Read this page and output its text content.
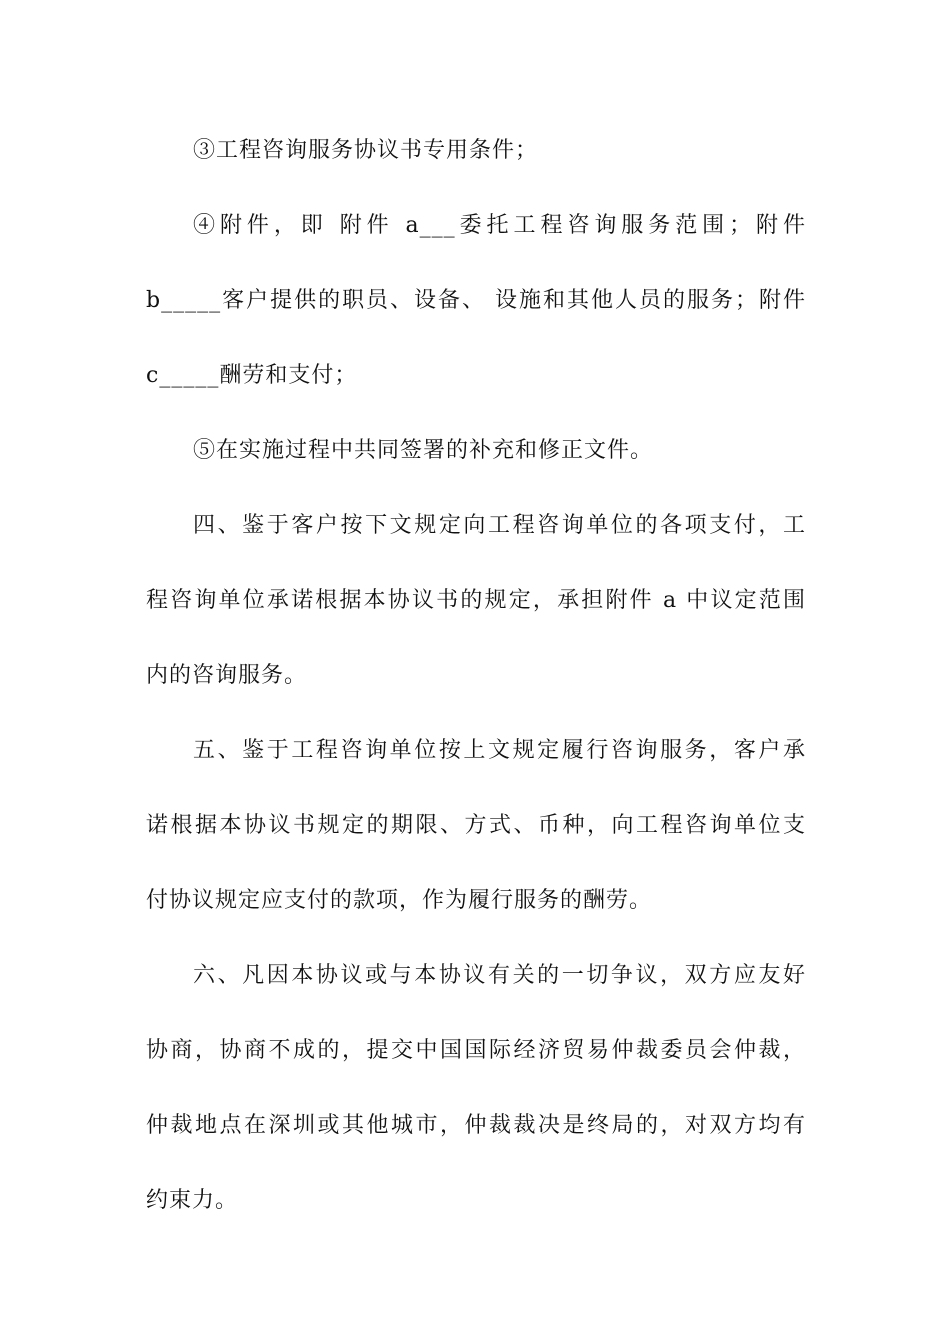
③工程咨询服务协议书专用条件；
④附件，即 附件 a___委托工程咨询服务范围；附件
b_____客户提供的职员、设备、 设施和其他人员的服务；附件
c_____酬劳和支付；
⑤在实施过程中共同签署的补充和修正文件。
四、鉴于客户按下文规定向工程咨询单位的各项支付，工
程咨询单位承诺根据本协议书的规定，承担附件 a 中议定范围
内的咨询服务。
五、鉴于工程咨询单位按上文规定履行咨询服务，客户承
诺根据本协议书规定的期限、方式、币种，向工程咨询单位支
付协议规定应支付的款项，作为履行服务的酬劳。
六、凡因本协议或与本协议有关的一切争议，双方应友好
协商，协商不成的，提交中国国际经济贸易仲裁委员会仲裁，
仲裁地点在深圳或其他城市，仲裁裁决是终局的，对双方均有
约束力。
